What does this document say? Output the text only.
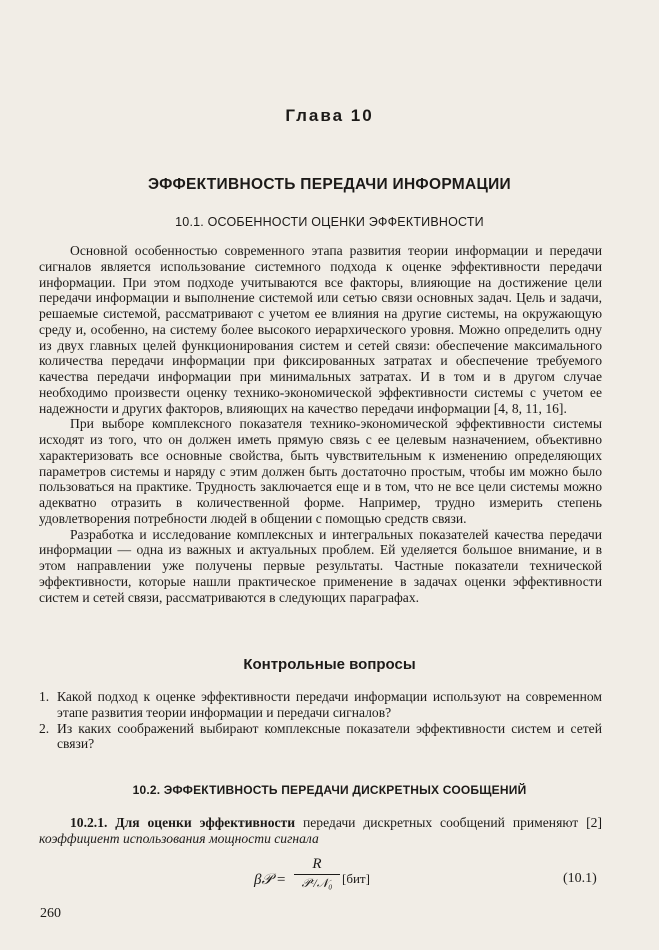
Глава 10
ЭФФЕКТИВНОСТЬ ПЕРЕДАЧИ ИНФОРМАЦИИ
10.1. ОСОБЕННОСТИ ОЦЕНКИ ЭФФЕКТИВНОСТИ

Основной особенностью современного этапа развития теории информации и передачи сигналов является использование системного подхода к оценке эффективности передачи информации. При этом подходе учитываются все факторы, влияющие на достижение цели передачи информации и выполнение системой или сетью связи основных задач. Цель и задачи, решаемые системой, рассматривают с учетом ее влияния на другие системы, на окружающую среду и, особенно, на систему более высокого иерархического уровня. Можно определить одну из двух главных целей функционирования систем и сетей связи: обеспечение максимального количества передачи информации при фиксированных затратах и обеспечение требуемого качества передачи информации при минимальных затратах. И в том и в другом случае необходимо произвести оценку технико-экономической эффективности системы с учетом ее надежности и других факторов, влияющих на качество передачи информации [4, 8, 11, 16].

При выборе комплексного показателя технико-экономической эффективности системы исходят из того, что он должен иметь прямую связь с ее целевым назначением, объективно характеризовать все основные свойства, быть чувствительным к изменению определяющих параметров системы и наряду с этим должен быть достаточно простым, чтобы им можно было пользоваться на практике. Трудность заключается еще и в том, что не все цели системы можно адекватно отразить в количественной форме. Например, трудно измерить степень удовлетворения потребности людей в общении с помощью средств связи.

Разработка и исследование комплексных и интегральных показателей качества передачи информации — одна из важных и актуальных проблем. Ей уделяется большое внимание, и в этом направлении уже получены первые результаты. Частные показатели технической эффективности, которые нашли практическое применение в задачах оценки эффективности систем и сетей связи, рассматриваются в следующих параграфах.

Контрольные вопросы
1. Какой подход к оценке эффективности передачи информации используют на современном этапе развития теории информации и передачи сигналов?
2. Из каких соображений выбирают комплексные показатели эффективности систем и сетей связи?
10.2. ЭФФЕКТИВНОСТЬ ПЕРЕДАЧИ ДИСКРЕТНЫХ СООБЩЕНИЙ

10.2.1. Для оценки эффективности передачи дискретных сообщений применяют [2] коэффициент использования мощности сигнала

β𝒫 =
R
𝒫ᶜ/𝒩₀ [бит]	(10.1)
260
